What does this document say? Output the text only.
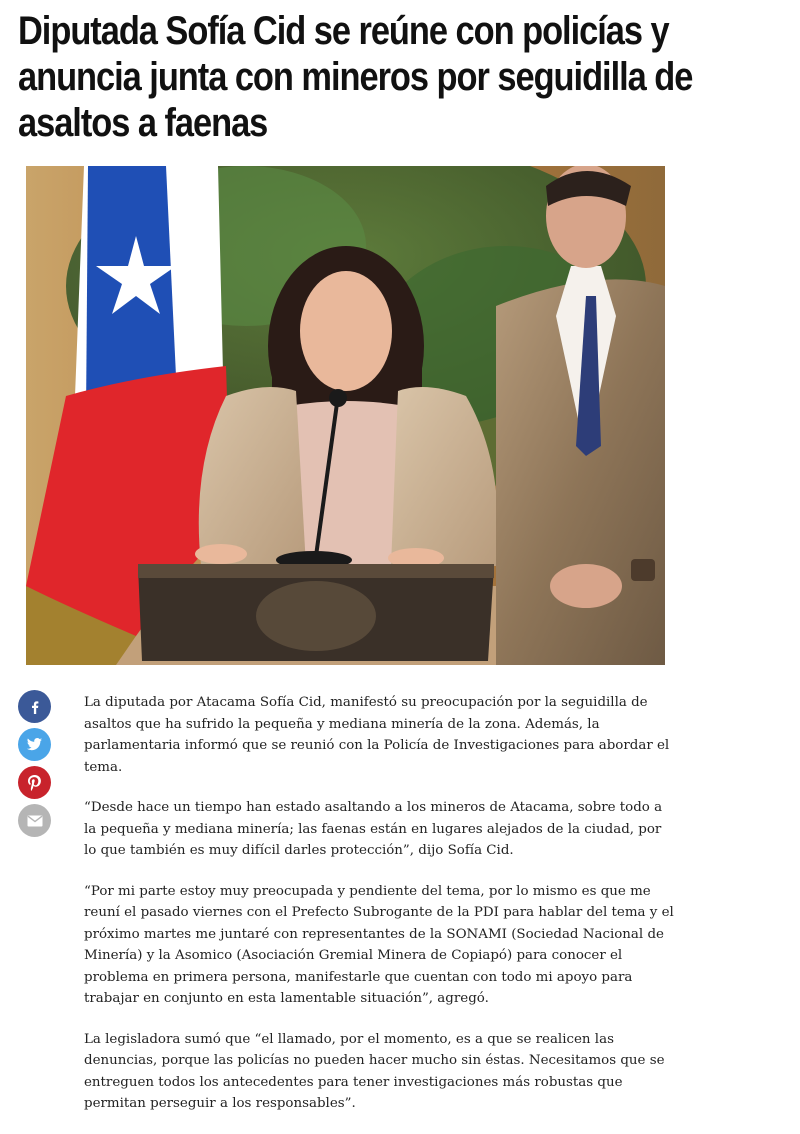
Diputada Sofía Cid se reúne con policías y anuncia junta con mineros por seguidilla de asaltos a faenas

La diputada por Atacama Sofía Cid, manifestó su preocupación por la seguidilla de asaltos que ha sufrido la pequeña y mediana minería de la zona. Además, la parlamentaria informó que se reunió con la Policía de Investigaciones para abordar el tema.

“Desde hace un tiempo han estado asaltando a los mineros de Atacama, sobre todo a la pequeña y mediana minería; las faenas están en lugares alejados de la ciudad, por lo que también es muy difícil darles protección”, dijo Sofía Cid.

“Por mi parte estoy muy preocupada y pendiente del tema, por lo mismo es que me reuní el pasado viernes con el Prefecto Subrogante de la PDI para hablar del tema y el próximo martes me juntaré con representantes de la SONAMI (Sociedad Nacional de Minería) y la Asomico (Asociación Gremial Minera de Copiapó) para conocer el problema en primera persona, manifestarle que cuentan con todo mi apoyo para trabajar en conjunto en esta lamentable situación”, agregó.

La legisladora sumó que “el llamado, por el momento, es a que se realicen las denuncias, porque las policías no pueden hacer mucho sin éstas. Necesitamos que se entreguen todos los antecedentes para tener investigaciones más robustas que permitan perseguir a los responsables”.
